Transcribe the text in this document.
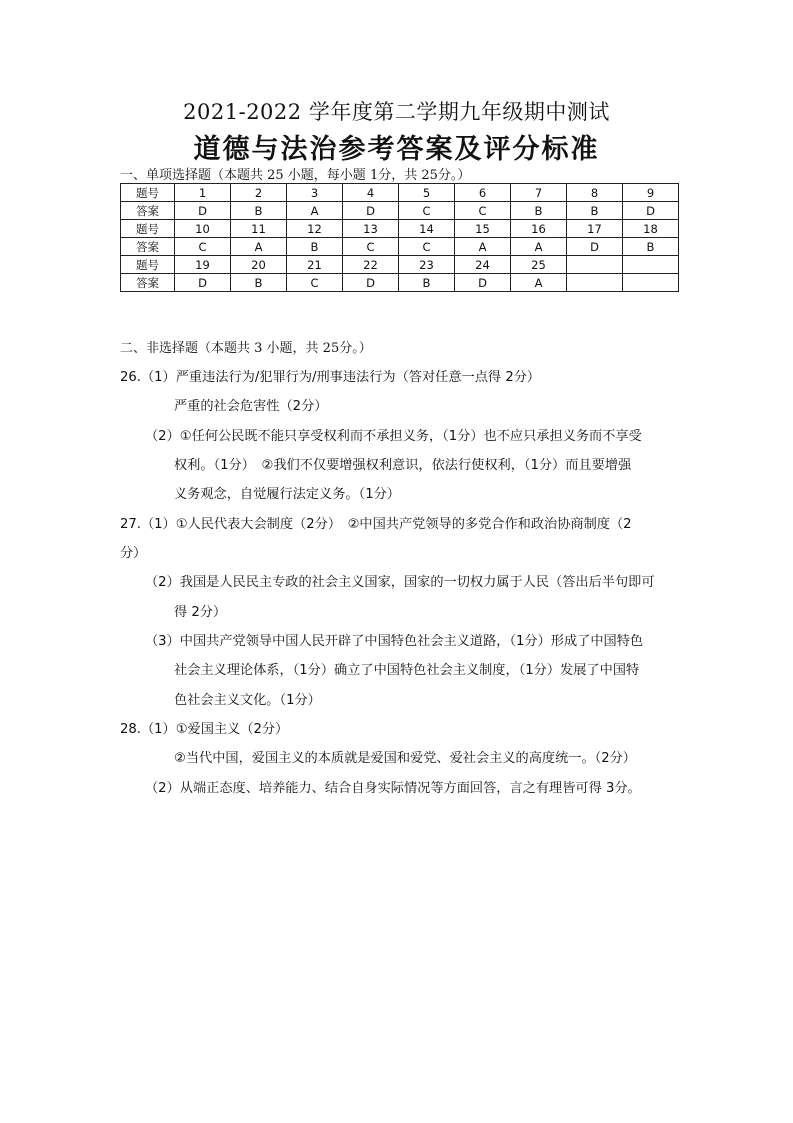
2021-2022 学年度第二学期九年级期中测试
道德与法治参考答案及评分标准
一、单项选择题（本题共 25 小题，每小题 1分，共 25分。）
题号	1	2	3	4	5	6	7	8	9
答案	D	B	A	D	C	C	B	B	D
题号	10	11	12	13	14	15	16	17	18
答案	C	A	B	C	C	A	A	D	B
题号	19	20	21	22	23	24	25		
答案	D	B	C	D	B	D	A		
二、非选择题（本题共 3 小题，共 25分。）
26.（1）严重违法行为/犯罪行为/刑事违法行为（答对任意一点得 2分）
严重的社会危害性（2分）
（2）①任何公民既不能只享受权利而不承担义务，（1分）也不应只承担义务而不享受
权利。（1分）　②我们不仅要增强权利意识，依法行使权利，（1分）而且要增强
义务观念，自觉履行法定义务。（1分）
27.（1）①人民代表大会制度（2分）　②中国共产党领导的多党合作和政治协商制度（2
分）
（2）我国是人民民主专政的社会主义国家，国家的一切权力属于人民（答出后半句即可
得 2分）
（3）中国共产党领导中国人民开辟了中国特色社会主义道路，（1分）形成了中国特色
社会主义理论体系，（1分）确立了中国特色社会主义制度，（1分）发展了中国特
色社会主义文化。（1分）
28.（1）①爱国主义（2分）
②当代中国，爱国主义的本质就是爱国和爱党、爱社会主义的高度统一。（2分）
（2）从端正态度、培养能力、结合自身实际情况等方面回答，言之有理皆可得 3分。
